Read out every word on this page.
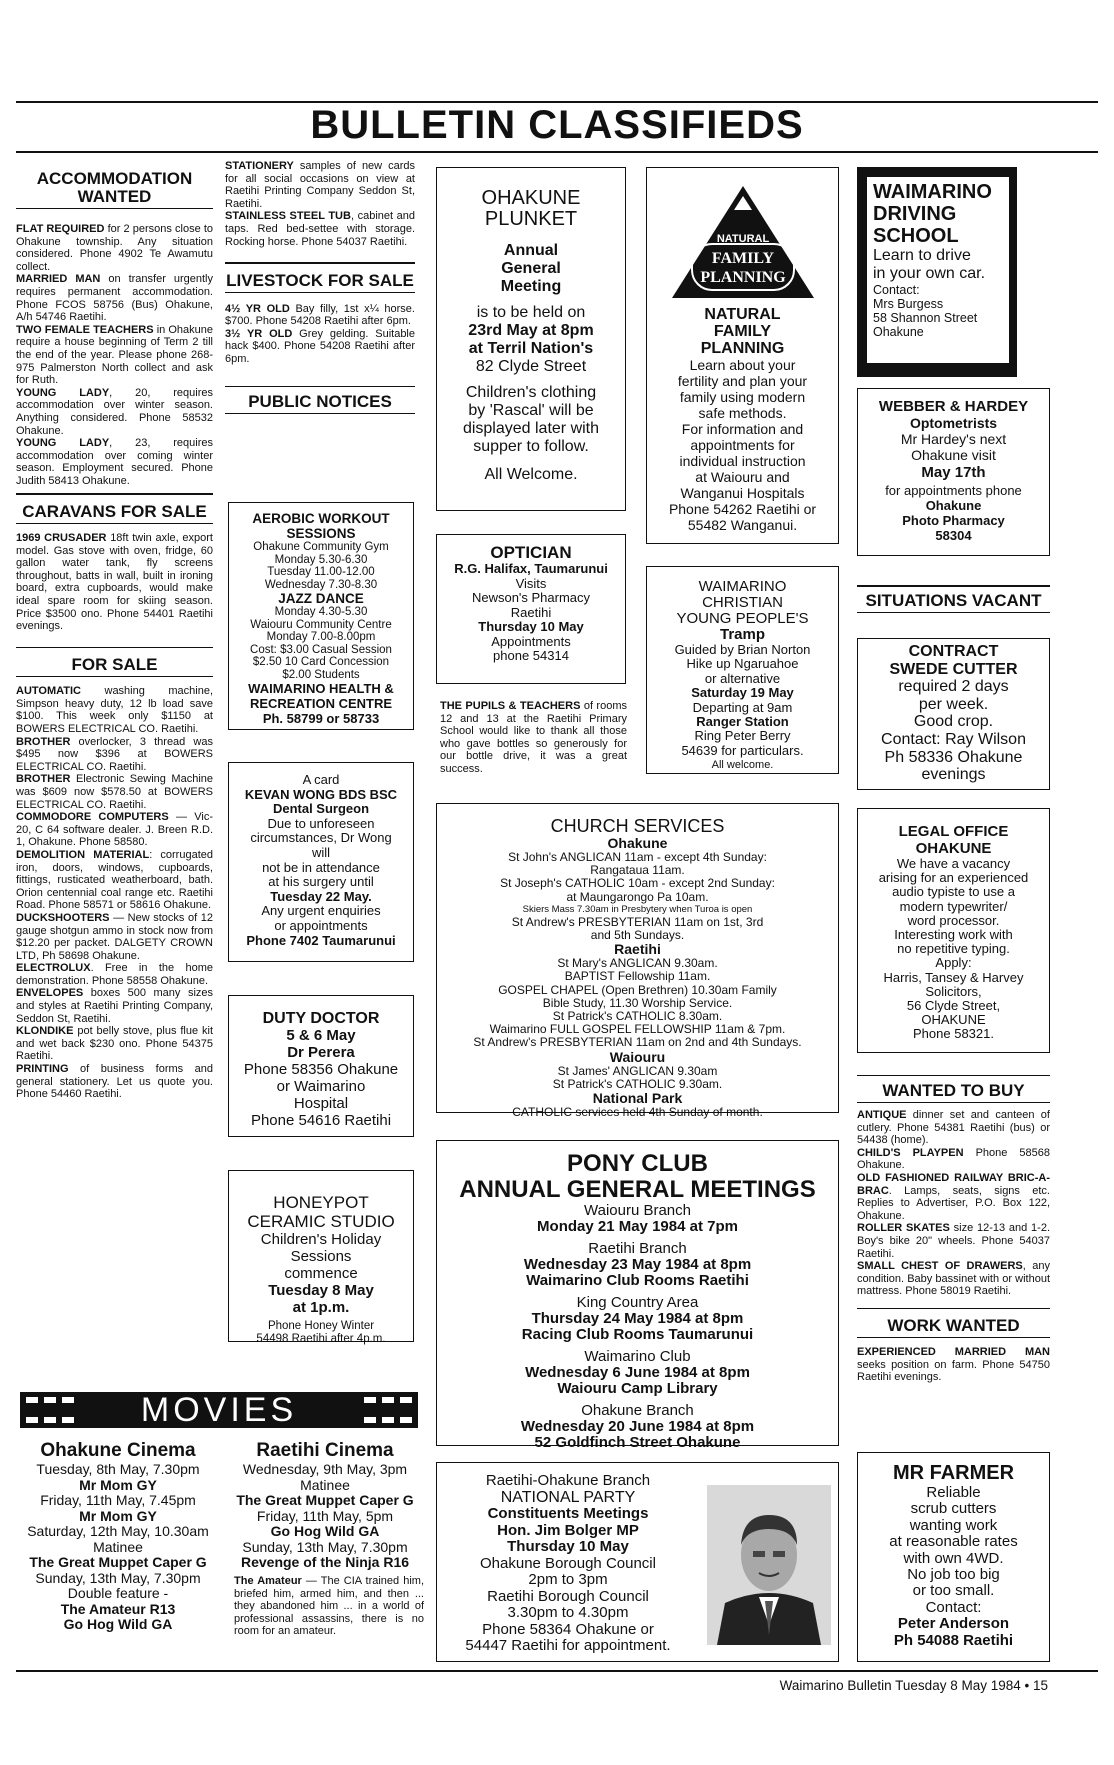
BULLETIN CLASSIFIEDS
ACCOMMODATION WANTED

FLAT REQUIRED for 2 persons close to Ohakune township. Any situation considered. Phone 4902 Te Awamutu collect.

MARRIED MAN on transfer urgently requires permanent accommodation. Phone FCOS 58756 (Bus) Ohakune, A/h 54746 Raetihi.

TWO FEMALE TEACHERS in Ohakune require a house beginning of Term 2 till the end of the year. Please phone 268-975 Palmerston North collect and ask for Ruth.

YOUNG LADY, 20, requires accommodation over winter season. Anything considered. Phone 58532 Ohakune.

YOUNG LADY, 23, requires accommodation over coming winter season. Employment secured. Phone Judith 58413 Ohakune.

CARAVANS FOR SALE

1969 CRUSADER 18ft twin axle, export model. Gas stove with oven, fridge, 60 gallon water tank, fly screens throughout, batts in wall, built in ironing board, extra cupboards, would make ideal spare room for skiing season. Price $3500 ono. Phone 54401 Raetihi evenings.

FOR SALE

AUTOMATIC washing machine, Simpson heavy duty, 12 lb load save $100. This week only $1150 at BOWERS ELECTRICAL CO. Raetihi.

BROTHER overlocker, 3 thread was $495 now $396 at BOWERS ELECTRICAL CO. Raetihi.

BROTHER Electronic Sewing Machine was $609 now $578.50 at BOWERS ELECTRICAL CO. Raetihi.

COMMODORE COMPUTERS — Vic-20, C 64 software dealer. J. Breen R.D. 1, Ohakune. Phone 58580.

DEMOLITION MATERIAL: corrugated iron, doors, windows, cupboards, fittings, rusticated weatherboard, bath. Orion centennial coal range etc. Raetihi Road. Phone 58571 or 58616 Ohakune.

DUCKSHOOTERS — New stocks of 12 gauge shotgun ammo in stock now from $12.20 per packet. DALGETY CROWN LTD, Ph 58698 Ohakune.

ELECTROLUX. Free in the home demonstration. Phone 58558 Ohakune.

ENVELOPES boxes 500 many sizes and styles at Raetihi Printing Company, Seddon St, Raetihi.

KLONDIKE pot belly stove, plus flue kit and wet back $230 ono. Phone 54375 Raetihi.

PRINTING of business forms and general stationery. Let us quote you. Phone 54460 Raetihi.

STATIONERY samples of new cards for all social occasions on view at Raetihi Printing Company Seddon St, Raetihi.

STAINLESS STEEL TUB, cabinet and taps. Red bed-settee with storage. Rocking horse. Phone 54037 Raetihi.

LIVESTOCK FOR SALE

4½ YR OLD Bay filly, 1st x¼ horse. $700. Phone 54208 Raetihi after 6pm.

3½ YR OLD Grey gelding. Suitable hack $400. Phone 54208 Raetihi after 6pm.

PUBLIC NOTICES
AEROBIC WORKOUT
SESSIONS
Ohakune Community Gym
Monday 5.30-6.30
Tuesday 11.00-12.00
Wednesday 7.30-8.30
JAZZ DANCE
Monday 4.30-5.30
Waiouru Community Centre
Monday 7.00-8.00pm
Cost: $3.00 Casual Session
$2.50 10 Card Concession
$2.00 Students
WAIMARINO HEALTH &
RECREATION CENTRE
Ph. 58799 or 58733
A card
KEVAN WONG BDS BSC
Dental Surgeon
Due to unforeseen
circumstances, Dr Wong
will
not be in attendance
at his surgery until
Tuesday 22 May.
Any urgent enquiries
or appointments
Phone 7402 Taumarunui
DUTY DOCTOR
5 & 6 May
Dr Perera
Phone 58356 Ohakune
or Waimarino
Hospital
Phone 54616 Raetihi
HONEYPOT
CERAMIC STUDIO
Children's Holiday
Sessions
commence
Tuesday 8 May
at 1p.m.
Phone Honey Winter
54498 Raetihi after 4p.m.
OHAKUNE
PLUNKET
Annual
General
Meeting
is to be held on
23rd May at 8pm
at Terril Nation's
82 Clyde Street
Children's clothing
by 'Rascal' will be
displayed later with
supper to follow.
All Welcome.
OPTICIAN
R.G. Halifax, Taumarunui
Visits
Newson's Pharmacy
Raetihi
Thursday 10 May
Appointments
phone 54314

THE PUPILS & TEACHERS of rooms 12 and 13 at the Raetihi Primary School would like to thank all those who gave bottles so generously for our bottle drive, it was a great success.

NATURAL
FAMILY
PLANNING
NATURAL
FAMILY
PLANNING
Learn about your
fertility and plan your
family using modern
safe methods.
For information and
appointments for
individual instruction
at Waiouru and
Wanganui Hospitals
Phone 54262 Raetihi or
55482 Wanganui.
WAIMARINO
CHRISTIAN
YOUNG PEOPLE'S
Tramp
Guided by Brian Norton
Hike up Ngaruahoe
or alternative
Saturday 19 May
Departing at 9am
Ranger Station
Ring Peter Berry
54639 for particulars.
All welcome.
CHURCH SERVICES
Ohakune
St John's ANGLICAN 11am - except 4th Sunday:
Rangataua 11am.
St Joseph's CATHOLIC 10am - except 2nd Sunday:
at Maungarongo Pa 10am.
Skiers Mass 7.30am in Presbytery when Turoa is open
St Andrew's PRESBYTERIAN 11am on 1st, 3rd
and 5th Sundays.
Raetihi
St Mary's ANGLICAN 9.30am.
BAPTIST Fellowship 11am.
GOSPEL CHAPEL (Open Brethren) 10.30am Family
Bible Study, 11.30 Worship Service.
St Patrick's CATHOLIC 8.30am.
Waimarino FULL GOSPEL FELLOWSHIP 11am & 7pm.
St Andrew's PRESBYTERIAN 11am on 2nd and 4th Sundays.
Waiouru
St James' ANGLICAN 9.30am
St Patrick's CATHOLIC 9.30am.
National Park
CATHOLIC services held 4th Sunday of month.
PONY CLUB
ANNUAL GENERAL MEETINGS
Waiouru Branch
Monday 21 May 1984 at 7pm
Raetihi Branch
Wednesday 23 May 1984 at 8pm
Waimarino Club Rooms Raetihi
King Country Area
Thursday 24 May 1984 at 8pm
Racing Club Rooms Taumarunui
Waimarino Club
Wednesday 6 June 1984 at 8pm
Waiouru Camp Library
Ohakune Branch
Wednesday 20 June 1984 at 8pm
52 Goldfinch Street Ohakune
Raetihi-Ohakune Branch
NATIONAL PARTY
Constituents Meetings
Hon. Jim Bolger MP
Thursday 10 May
Ohakune Borough Council
2pm to 3pm
Raetihi Borough Council
3.30pm to 4.30pm
Phone 58364 Ohakune or
54447 Raetihi for appointment.
WAIMARINO
DRIVING
SCHOOL
Learn to drive
in your own car.
Contact:
Mrs Burgess
58 Shannon Street
Ohakune
WEBBER & HARDEY
Optometrists
Mr Hardey's next
Ohakune visit
May 17th
for appointments phone
Ohakune
Photo Pharmacy
58304
SITUATIONS VACANT
CONTRACT
SWEDE CUTTER
required 2 days
per week.
Good crop.
Contact: Ray Wilson
Ph 58336 Ohakune
evenings
LEGAL OFFICE
OHAKUNE
We have a vacancy
arising for an experienced
audio typiste to use a
modern typewriter/
word processor.
Interesting work with
no repetitive typing.
Apply:
Harris, Tansey & Harvey
Solicitors,
56 Clyde Street,
OHAKUNE
Phone 58321.
WANTED TO BUY

ANTIQUE dinner set and canteen of cutlery. Phone 54381 Raetihi (bus) or 54438 (home).

CHILD'S PLAYPEN Phone 58568 Ohakune.

OLD FASHIONED RAILWAY BRIC-A-BRAC. Lamps, seats, signs etc. Replies to Advertiser, P.O. Box 122, Ohakune.

ROLLER SKATES size 12-13 and 1-2. Boy's bike 20" wheels. Phone 54037 Raetihi.

SMALL CHEST OF DRAWERS, any condition. Baby bassinet with or without mattress. Phone 58019 Raetihi.

WORK WANTED

EXPERIENCED MARRIED MAN seeks position on farm. Phone 54750 Raetihi evenings.

MR FARMER
Reliable
scrub cutters
wanting work
at reasonable rates
with own 4WD.
No job too big
or too small.
Contact:
Peter Anderson
Ph 54088 Raetihi
MOVIES
Ohakune Cinema
Tuesday, 8th May, 7.30pm
Mr Mom GY
Friday, 11th May, 7.45pm
Mr Mom GY
Saturday, 12th May, 10.30am
Matinee
The Great Muppet Caper G
Sunday, 13th May, 7.30pm
Double feature -
The Amateur R13
Go Hog Wild GA
Raetihi Cinema
Wednesday, 9th May, 3pm
Matinee
The Great Muppet Caper G
Friday, 11th May, 5pm
Go Hog Wild GA
Sunday, 13th May, 7.30pm
Revenge of the Ninja R16

The Amateur — The CIA trained him, briefed him, armed him, and then ... they abandoned him ... in a world of professional assassins, there is no room for an amateur.

Waimarino Bulletin Tuesday 8 May 1984 • 15
